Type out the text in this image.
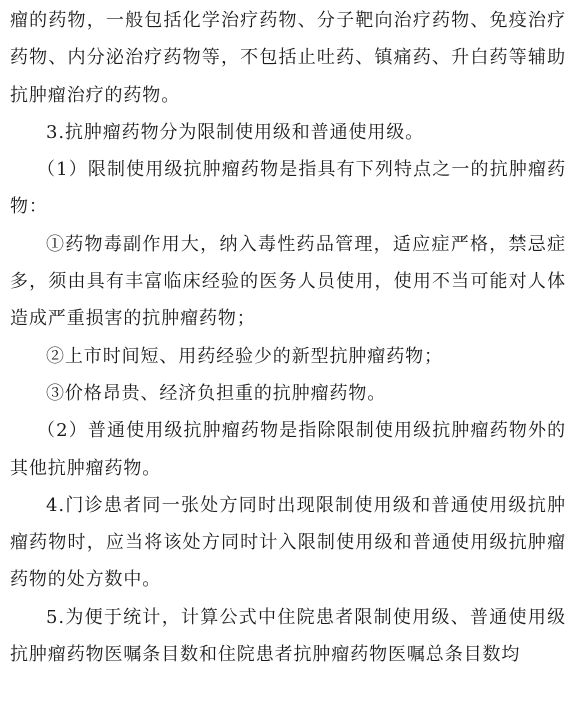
瘤的药物，一般包括化学治疗药物、分子靶向治疗药物、免疫治疗药物、内分泌治疗药物等，不包括止吐药、镇痛药、升白药等辅助抗肿瘤治疗的药物。

3.抗肿瘤药物分为限制使用级和普通使用级。

（1）限制使用级抗肿瘤药物是指具有下列特点之一的抗肿瘤药物：

①药物毒副作用大，纳入毒性药品管理，适应症严格，禁忌症多，须由具有丰富临床经验的医务人员使用，使用不当可能对人体造成严重损害的抗肿瘤药物；

②上市时间短、用药经验少的新型抗肿瘤药物；

③价格昂贵、经济负担重的抗肿瘤药物。

（2）普通使用级抗肿瘤药物是指除限制使用级抗肿瘤药物外的其他抗肿瘤药物。

4.门诊患者同一张处方同时出现限制使用级和普通使用级抗肿瘤药物时，应当将该处方同时计入限制使用级和普通使用级抗肿瘤药物的处方数中。

5.为便于统计，计算公式中住院患者限制使用级、普通使用级抗肿瘤药物医嘱条目数和住院患者抗肿瘤药物医嘱总条目数均
